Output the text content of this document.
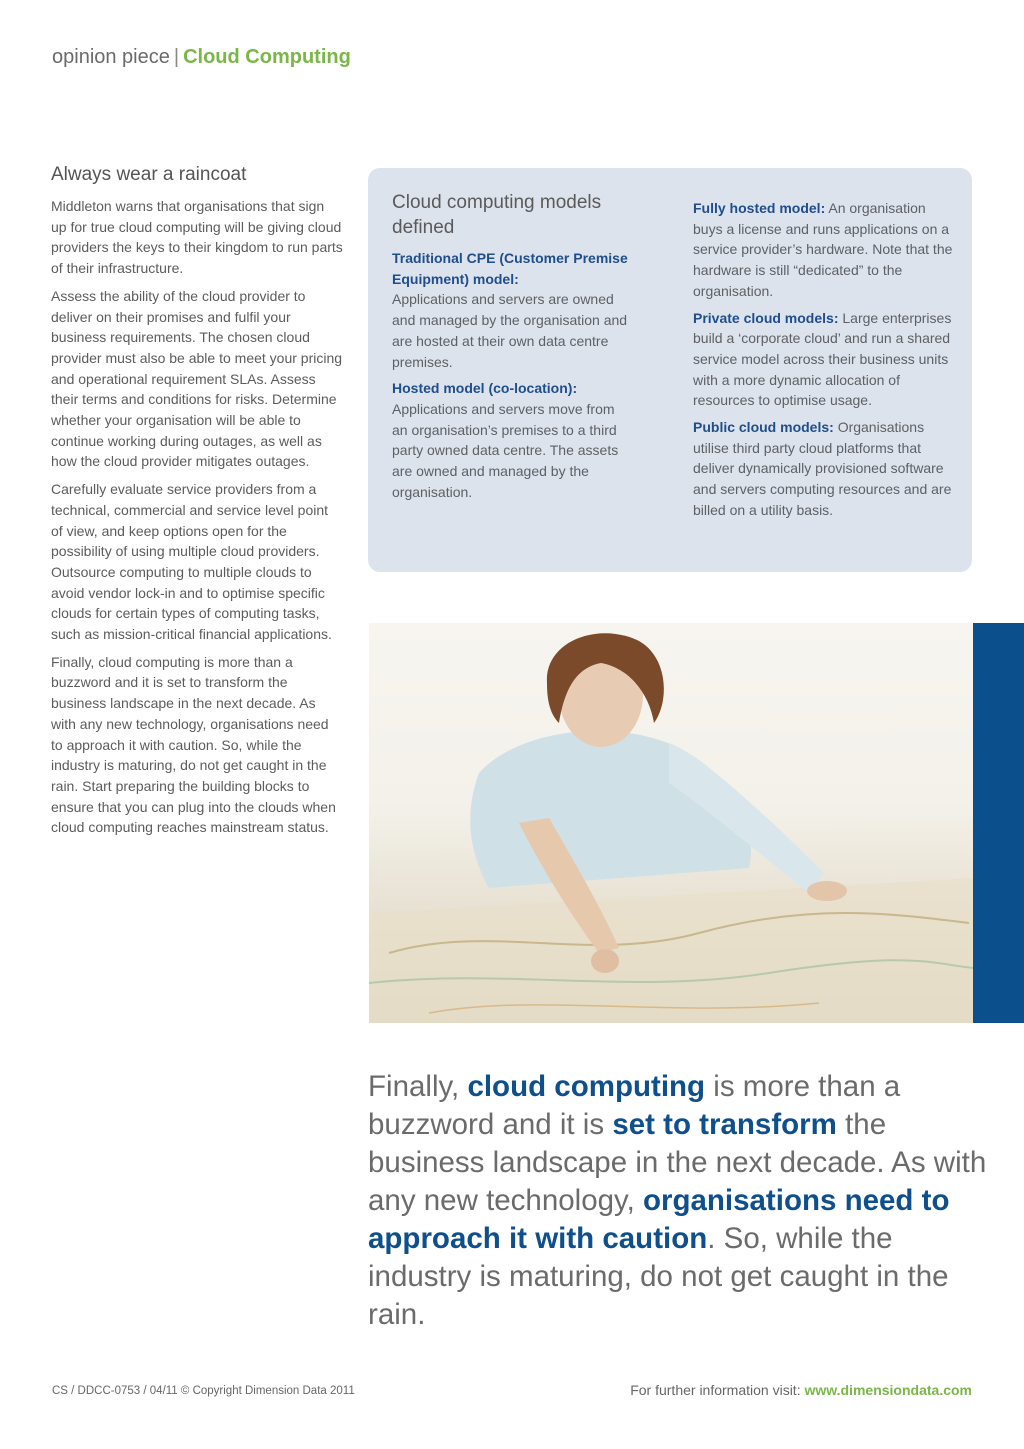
opinion piece | Cloud Computing
Always wear a raincoat

Middleton warns that organisations that sign up for true cloud computing will be giving cloud providers the keys to their kingdom to run parts of their infrastructure.

Assess the ability of the cloud provider to deliver on their promises and fulfil your business requirements. The chosen cloud provider must also be able to meet your pricing and operational requirement SLAs. Assess their terms and conditions for risks. Determine whether your organisation will be able to continue working during outages, as well as how the cloud provider mitigates outages.

Carefully evaluate service providers from a technical, commercial and service level point of view, and keep options open for the possibility of using multiple cloud providers. Outsource computing to multiple clouds to avoid vendor lock-in and to optimise specific clouds for certain types of computing tasks, such as mission-critical financial applications.

Finally, cloud computing is more than a buzzword and it is set to transform the business landscape in the next decade. As with any new technology, organisations need to approach it with caution. So, while the industry is maturing, do not get caught in the rain. Start preparing the building blocks to ensure that you can plug into the clouds when cloud computing reaches mainstream status.

Cloud computing models defined
Traditional CPE (Customer Premise Equipment) model:
Applications and servers are owned and managed by the organisation and are hosted at their own data centre premises.
Hosted model (co-location):
Applications and servers move from an organisation’s premises to a third party owned data centre. The assets are owned and managed by the organisation.
Fully hosted model: An organisation buys a license and runs applications on a service provider’s hardware. Note that the hardware is still “dedicated” to the organisation.
Private cloud models: Large enterprises build a ‘corporate cloud’ and run a shared service model across their business units with a more dynamic allocation of resources to optimise usage.
Public cloud models: Organisations utilise third party cloud platforms that deliver dynamically provisioned software and servers computing resources and are billed on a utility basis.
Finally, cloud computing is more than a buzzword and it is set to transform the business landscape in the next decade. As with any new technology, organisations need to approach it with caution. So, while the industry is maturing, do not get caught in the rain.
CS / DDCC-0753 / 04/11 © Copyright Dimension Data 2011	For further information visit: www.dimensiondata.com
